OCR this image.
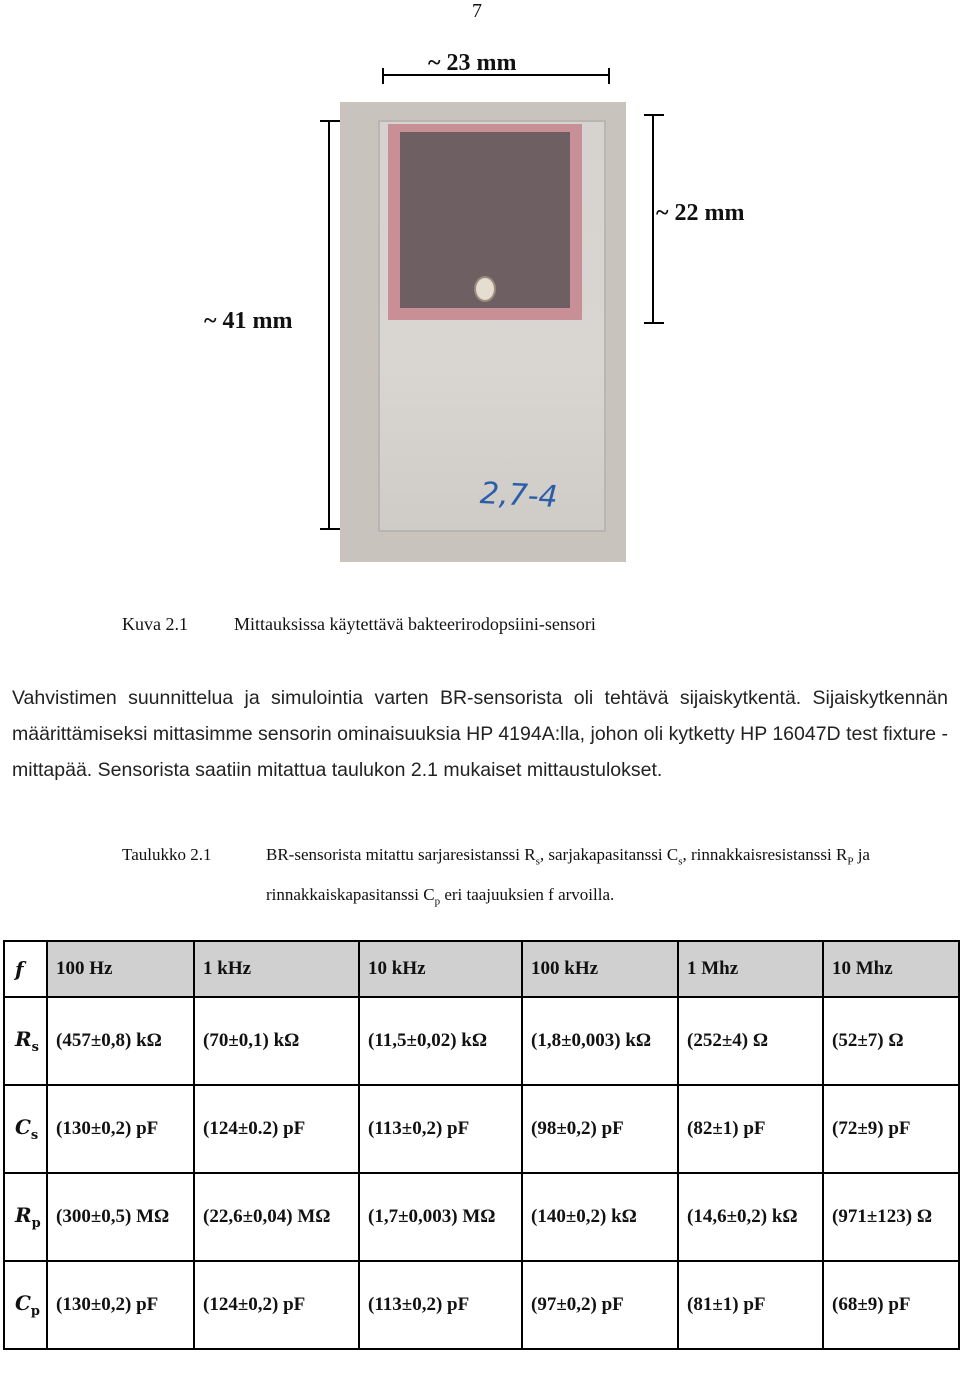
7
~ 23 mm
~ 41 mm
~ 22 mm
2,7-4
Kuva 2.1	Mittauksissa käytettävä bakteerirodopsiini-sensori
Vahvistimen suunnittelua ja simulointia varten BR-sensorista oli tehtävä sijaiskytkentä. Sijaiskytkennän määrittämiseksi mittasimme sensorin ominaisuuksia HP 4194A:lla, johon oli kytketty HP 16047D test fixture -mittapää. Sensorista saatiin mitattua taulukon 2.1 mukaiset mittaustulokset.
Taulukko 2.1	BR-sensorista mitattu sarjaresistanssi $R_s$, sarjakapasitanssi $C_s$, rinnakkaisresistanssi $R_P$ ja rinnakkaiskapasitanssi $C_p$ eri taajuuksien f arvoilla.
f	100 Hz	1 kHz	10 kHz	100 kHz	1 Mhz	10 Mhz
$R_s$	(457±0,8) kΩ	(70±0,1) kΩ	(11,5±0,02) kΩ	(1,8±0,003) kΩ	(252±4) Ω	(52±7) Ω
$C_s$	(130±0,2) pF	(124±0.2) pF	(113±0,2) pF	(98±0,2) pF	(82±1) pF	(72±9) pF
$R_p$	(300±0,5) MΩ	(22,6±0,04) MΩ	(1,7±0,003) MΩ	(140±0,2) kΩ	(14,6±0,2) kΩ	(971±123) Ω
$C_p$	(130±0,2) pF	(124±0,2) pF	(113±0,2) pF	(97±0,2) pF	(81±1) pF	(68±9) pF
